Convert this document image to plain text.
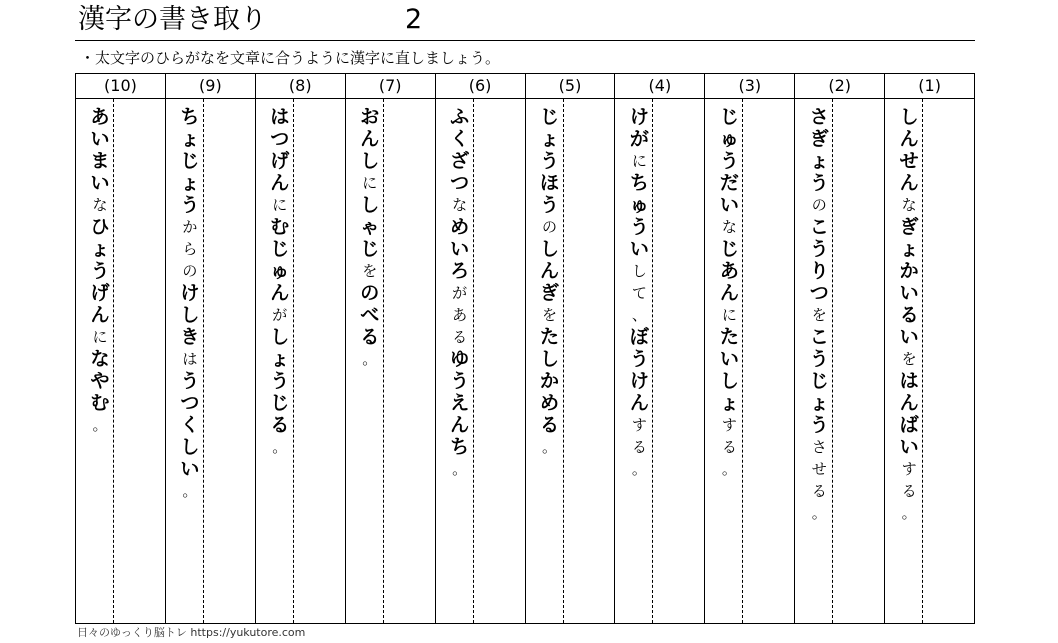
漢字の書き取り	2
・太文字のひらがなを文章に合うように漢字に直しましょう。
(10)
あ
い
ま
い
な
ひ
ょ
う
げ
ん
に
な
や
む
。
(9)
ち
ょ
じ
ょ
う
か
ら
の
け
し
き
は
う
つ
く
し
い
。
(8)
は
つ
げ
ん
に
む
じ
ゅ
ん
が
し
ょ
う
じ
る
。
(7)
お
ん
し
に
し
ゃ
じ
を
の
べ
る
。
(6)
ふ
く
ざ
つ
な
め
い
ろ
が
あ
る
ゆ
う
え
ん
ち
。
(5)
じ
ょ
う
ほ
う
の
し
ん
ぎ
を
た
し
か
め
る
。
(4)
け
が
に
ち
ゅ
う
い
し
て
、
ぼ
う
け
ん
す
る
。
(3)
じ
ゅ
う
だ
い
な
じ
あ
ん
に
た
い
し
ょ
す
る
。
(2)
さ
ぎ
ょ
う
の
こ
う
り
つ
を
こ
う
じ
ょ
う
さ
せ
る
。
(1)
し
ん
せ
ん
な
ぎ
ょ
か
い
る
い
を
は
ん
ば
い
す
る
。
日々のゆっくり脳トレ https://yukutore.com
